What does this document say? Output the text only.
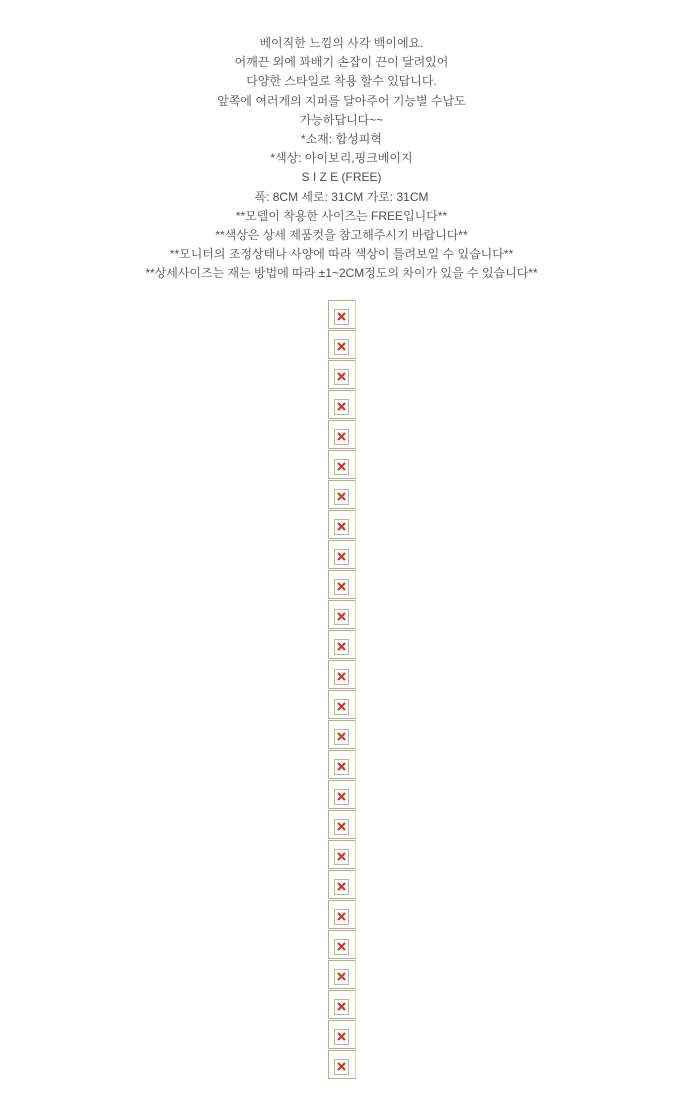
베이직한 느낌의 사각 백이에요.
어깨끈 외에 꽈배기 손잡이 끈이 달려있어
다양한 스타일로 착용 할수 있답니다.
앞쪽에 여러게의 지퍼를 달아주어 기능별 수납도
가능하답니다~~
*소재: 합성피혁
*색상: 아이보리,핑크베이지
S I Z E (FREE)
폭: 8CM 세로: 31CM 가로: 31CM
**모델이 착용한 사이즈는 FREE입니다**
**색상은 상세 제품컷을 참고해주시기 바랍니다**
**모니터의 조정상태나 사양에 따라 색상이 틀려보일 수 있습니다**
**상세사이즈는 재는 방법에 따라 ±1~2CM정도의 차이가 있을 수 있습니다**
